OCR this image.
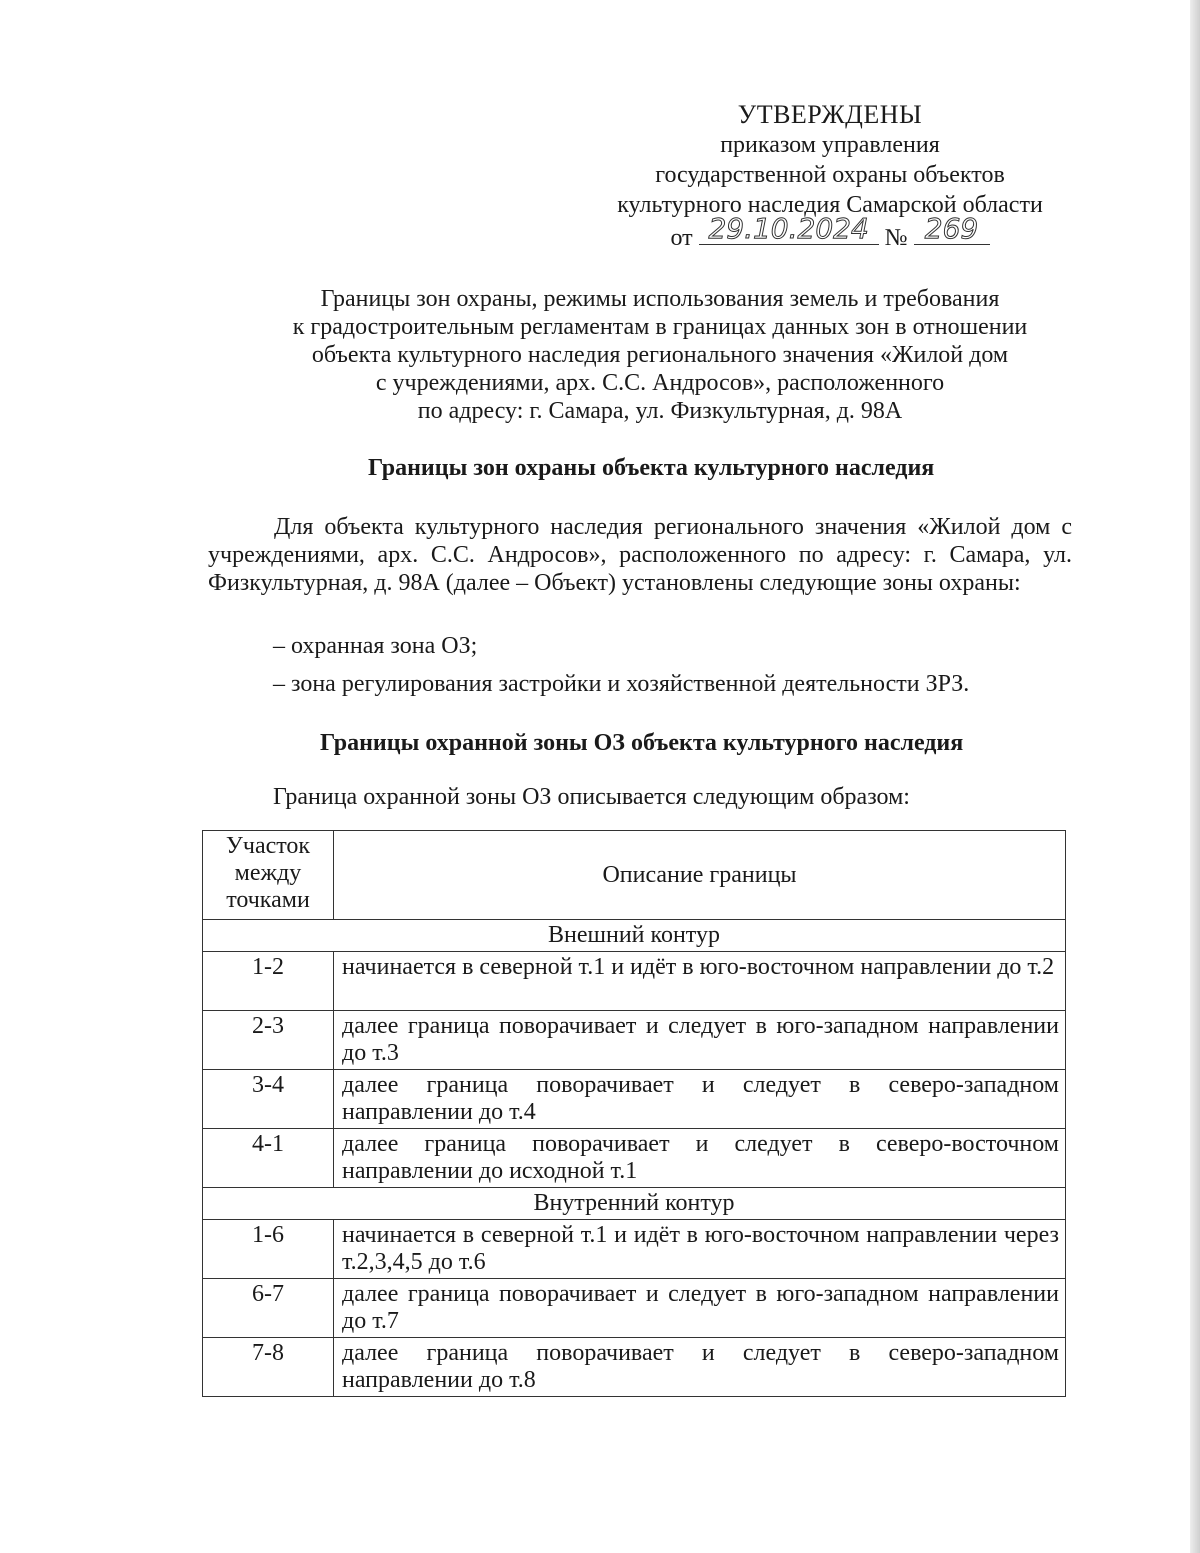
УТВЕРЖДЕНЫ
приказом управления
государственной охраны объектов
культурного наследия Самарской области
от 29.10.2024 № 269
Границы зон охраны, режимы использования земель и требования
к градостроительным регламентам в границах данных зон в отношении
объекта культурного наследия регионального значения «Жилой дом
с учреждениями, арх. С.С. Андросов», расположенного
по адресу: г. Самара, ул. Физкультурная, д. 98А
Границы зон охраны объекта культурного наследия
Для объекта культурного наследия регионального значения «Жилой дом с учреждениями, арх. С.С. Андросов», расположенного по адресу: г. Самара, ул. Физкультурная, д. 98А (далее – Объект) установлены следующие зоны охраны:
– охранная зона ОЗ;
– зона регулирования застройки и хозяйственной деятельности ЗРЗ.
Границы охранной зоны ОЗ объекта культурного наследия
Граница охранной зоны ОЗ описывается следующим образом:
Участок между точками	Описание границы
Внешний контур	
1-2	начинается в северной т.1 и идёт в юго-восточном направлении до т.2
2-3	далее граница поворачивает и следует в юго-западном направлении до т.3
3-4	далее граница поворачивает и следует в северо-западном направлении до т.4
4-1	далее граница поворачивает и следует в северо-восточном направлении до исходной т.1
Внутренний контур	
1-6	начинается в северной т.1 и идёт в юго-восточном направлении через т.2,3,4,5 до т.6
6-7	далее граница поворачивает и следует в юго-западном направлении до т.7
7-8	далее граница поворачивает и следует в северо-западном направлении до т.8
